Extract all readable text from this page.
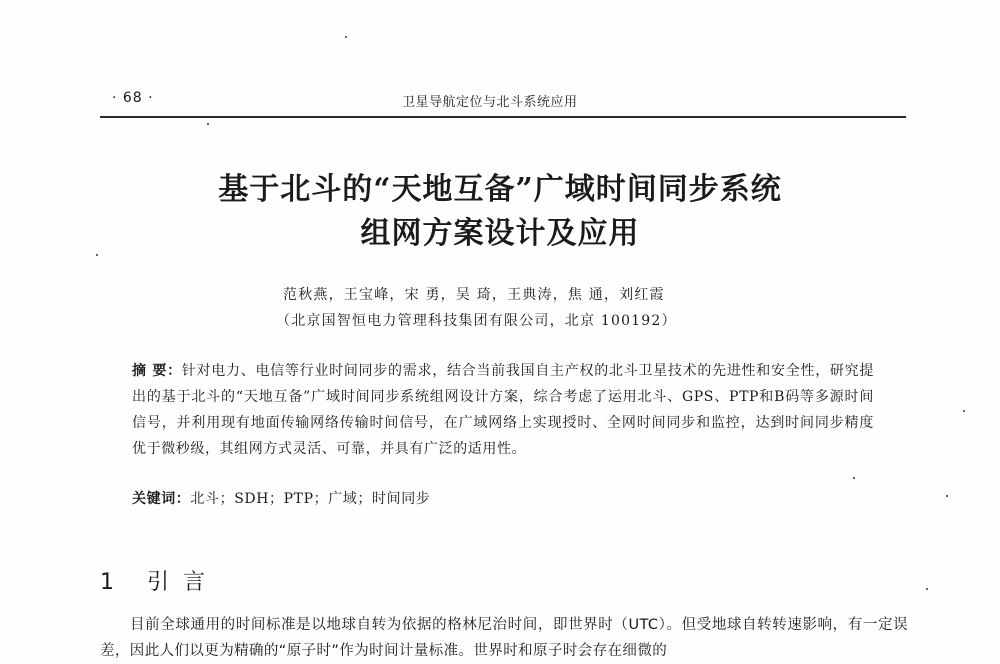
· 68 ·	卫星导航定位与北斗系统应用
基于北斗的“天地互备”广域时间同步系统
组网方案设计及应用
范秋燕，王宝峰，宋 勇，吴 琦，王典涛，焦 通，刘红霞
（北京国智恒电力管理科技集团有限公司，北京 100192）
摘 要：针对电力、电信等行业时间同步的需求，结合当前我国自主产权的北斗卫星技术的先进性和安全性，研究提出的基于北斗的“天地互备”广域时间同步系统组网设计方案，综合考虑了运用北斗、GPS、PTP和B码等多源时间信号，并利用现有地面传输网络传输时间信号，在广域网络上实现授时、全网时间同步和监控，达到时间同步精度优于微秒级，其组网方式灵活、可靠，并具有广泛的适用性。
关键词：北斗；SDH；PTP；广域；时间同步
1 引言
目前全球通用的时间标准是以地球自转为依据的格林尼治时间，即世界时（UTC）。但受地球自转转速影响，有一定误差，因此人们以更为精确的“原子时”作为时间计量标准。世界时和原子时会存在细微的
